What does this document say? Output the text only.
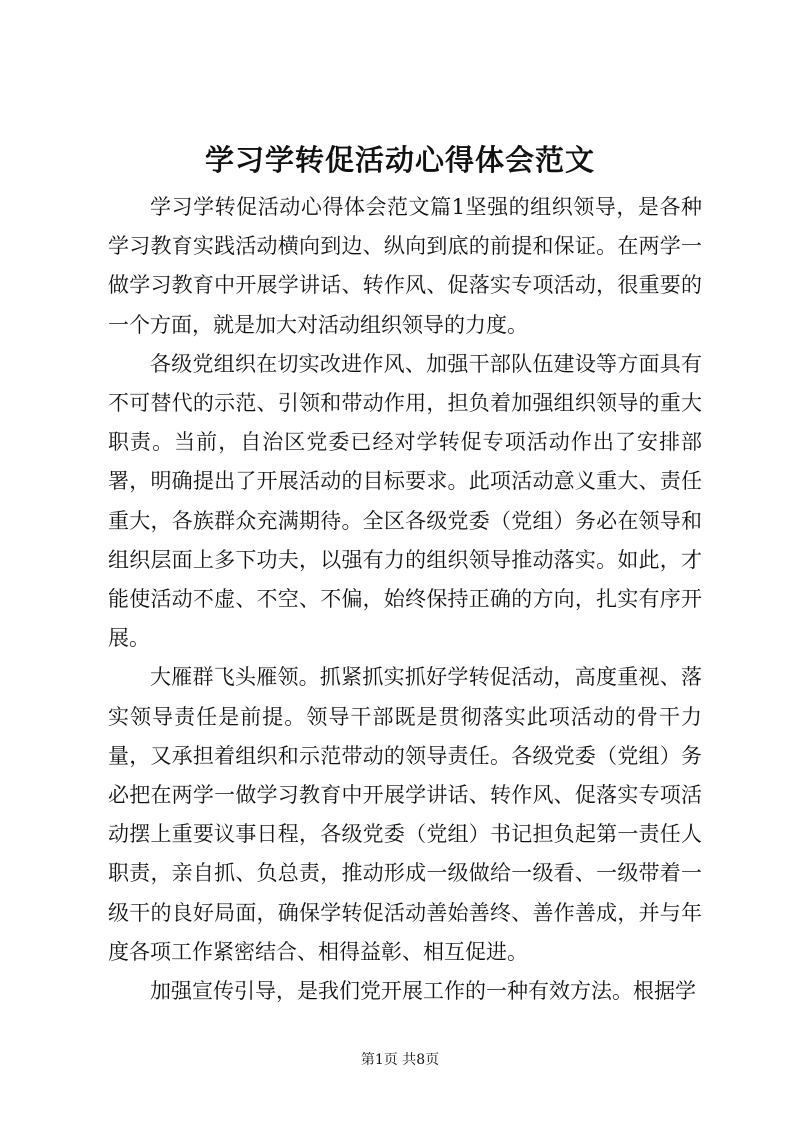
学习学转促活动心得体会范文

学习学转促活动心得体会范文篇1坚强的组织领导，是各种学习教育实践活动横向到边、纵向到底的前提和保证。在两学一做学习教育中开展学讲话、转作风、促落实专项活动，很重要的一个方面，就是加大对活动组织领导的力度。

各级党组织在切实改进作风、加强干部队伍建设等方面具有不可替代的示范、引领和带动作用，担负着加强组织领导的重大职责。当前，自治区党委已经对学转促专项活动作出了安排部署，明确提出了开展活动的目标要求。此项活动意义重大、责任重大，各族群众充满期待。全区各级党委（党组）务必在领导和组织层面上多下功夫，以强有力的组织领导推动落实。如此，才能使活动不虚、不空、不偏，始终保持正确的方向，扎实有序开展。

大雁群飞头雁领。抓紧抓实抓好学转促活动，高度重视、落实领导责任是前提。领导干部既是贯彻落实此项活动的骨干力量，又承担着组织和示范带动的领导责任。各级党委（党组）务必把在两学一做学习教育中开展学讲话、转作风、促落实专项活动摆上重要议事日程，各级党委（党组）书记担负起第一责任人职责，亲自抓、负总责，推动形成一级做给一级看、一级带着一级干的良好局面，确保学转促活动善始善终、善作善成，并与年度各项工作紧密结合、相得益彰、相互促进。

加强宣传引导，是我们党开展工作的一种有效方法。根据学

第1页 共8页
